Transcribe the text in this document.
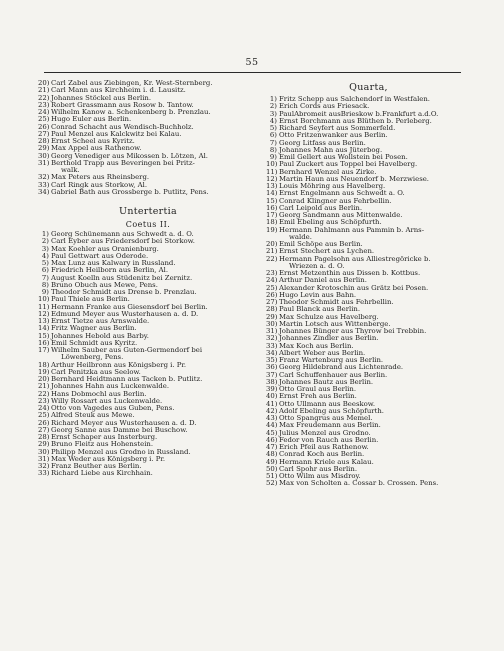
55
20) Carl Zabel aus Ziebingen, Kr. West-Sternberg.
21) Carl Mann aus Kirchheim i. d. Lausitz.
22) Johannes Stöckel aus Berlin.
23) Robert Grassmann aus Rosow b. Tantow.
24) Wilhelm Kanow a. Schenkenberg b. Prenzlau.
25) Hugo Euler aus Berlin.
26) Conrad Schacht aus Wendisch-Buchholz.
27) Paul Menzel aus Kalckwitz bei Kalau.
28) Ernst Scheel aus Kyritz.
29) Max Appel aus Rathenow.
30) Georg Venediger aus Mikossen b. Lötzen, Al.
31) Berthold Trapp aus Beveringen bei Pritz-
walk.
32) Max Peters aus Rheinsberg.
33) Carl Ringk aus Storkow, Al.
34) Gabriel Bath aus Grossberge b. Putlitz, Pens.
Untertertia
Coetus II.
1) Georg Schünemann aus Schwedt a. d. O.
2) Carl Eyber aus Friedersdorf bei Storkow.
3) Max Koehler aus Oranienburg.
4) Paul Gettwart aus Oderode.
5) Max Lunz aus Kalwary in Russland.
6) Friedrich Heilborn aus Berlin, Al.
7) August Koelln aus Stüdenitz bei Zernitz.
8) Bruno Obuch aus Mewe, Pens.
9) Theodor Schmidt aus Drense b. Prenzlau.
10) Paul Thiele aus Berlin.
11) Hermann Franke aus Giesensdorf bei Berlin.
12) Edmund Meyer aus Wusterhausen a. d. D.
13) Ernst Tietze aus Arnswalde.
14) Fritz Wagner aus Berlin.
15) Johannes Hebold aus Barby.
16) Emil Schmidt aus Kyritz.
17) Wilhelm Sauber aus Guten-Germendorf bei
Löwenberg, Pens.
18) Arthur Heilbronn aus Königsberg i. Pr.
19) Carl Penitzka aus Seelow.
20) Bernhard Heidtmann aus Tacken b. Putlitz.
21) Johannes Hahn aus Luckenwalde.
22) Hans Dobmochl aus Berlin.
23) Willy Rossart aus Luckenwalde.
24) Otto von Vagedes aus Guben, Pens.
25) Alfred Steuk aus Mewe.
26) Richard Meyer aus Wusterhausen a. d. D.
27) Georg Sanne aus Damme bei Buschow.
28) Ernst Schaper aus Insterburg.
29) Bruno Fleitz aus Hohenstein.
30) Philipp Menzel aus Grodno in Russland.
31) Max Weder aus Königsberg i. Pr.
32) Franz Beuther aus Berlin.
33) Richard Liebe aus Kirchhain.
Quarta,
1) Fritz Schepp aus Salchendorf in Westfalen.
2) Erich Cords aus Friesack.
3) PaulAbromeit ausBrieskow b.Frankfurt a.d.O.
4) Ernst Borchmann aus Blüthen b. Perleberg.
5) Richard Seyfert aus Sommerfeld.
6) Otto Fritzenwanker aus Berlin.
7) Georg Litfass aus Berlin.
8) Johannes Mahn aus Jüterbog.
9) Emil Gellert aus Wollstein bei Posen.
10) Paul Zuckert aus Toppel bei Havelberg.
11) Bernhard Wenzel aus Zirke.
12) Martin Haun aus Neuendorf b. Merzwiese.
13) Louis Möhring aus Havelberg.
14) Ernst Engelmann aus Schwedt a. O.
15) Conrad Klingner aus Fehrbellin.
16) Carl Leipold aus Berlin.
17) Georg Sandmann aus Mittenwalde.
18) Emil Ebeling aus Schöpfurth.
19) Hermann Dahlmann aus Pammin b. Arns-
walde.
20) Emil Schöpe aus Berlin.
21) Ernst Stechert aus Lychen.
22) Hermann Pagelsohn aus Alliestregöricke b.
Wriezen a. d. O.
23) Ernst Metzenthin aus Dissen b. Kottbus.
24) Arthur Daniel aus Berlin.
25) Alexander Krotoschin aus Grätz bei Posen.
26) Hugo Levin aus Bahn.
27) Theodor Schmidt aus Fehrbellin.
28) Paul Blanck aus Berlin.
29) Max Schulze aus Havelberg.
30) Martin Lotsch aus Wittenberge.
31) Johannes Bünger aus Thyrow bei Trebbin.
32) Johannes Zindler aus Berlin.
33) Max Koch aus Berlin.
34) Albert Weber aus Berlin.
35) Franz Wartenburg aus Berlin.
36) Georg Hildebrand aus Lichtenrade.
37) Carl Schuffenhauer aus Berlin.
38) Johannes Bautz aus Berlin.
39) Otto Graul aus Berlin.
40) Ernst Freh aus Berlin.
41) Otto Ullmann aus Beeskow.
42) Adolf Ebeling aus Schöpfurth.
43) Otto Spangrus aus Memel.
44) Max Freudemann aus Berlin.
45) Julius Menzel aus Grodno.
46) Fedor von Rauch aus Berlin.
47) Erich Pfeil aus Rathenow.
48) Conrad Koch aus Berlin.
49) Hermann Kriele aus Kalau.
50) Carl Spohr aus Berlin.
51) Otto Wilm aus Misdroy.
52) Max von Scholten a. Cossar b. Crossen. Pens.
